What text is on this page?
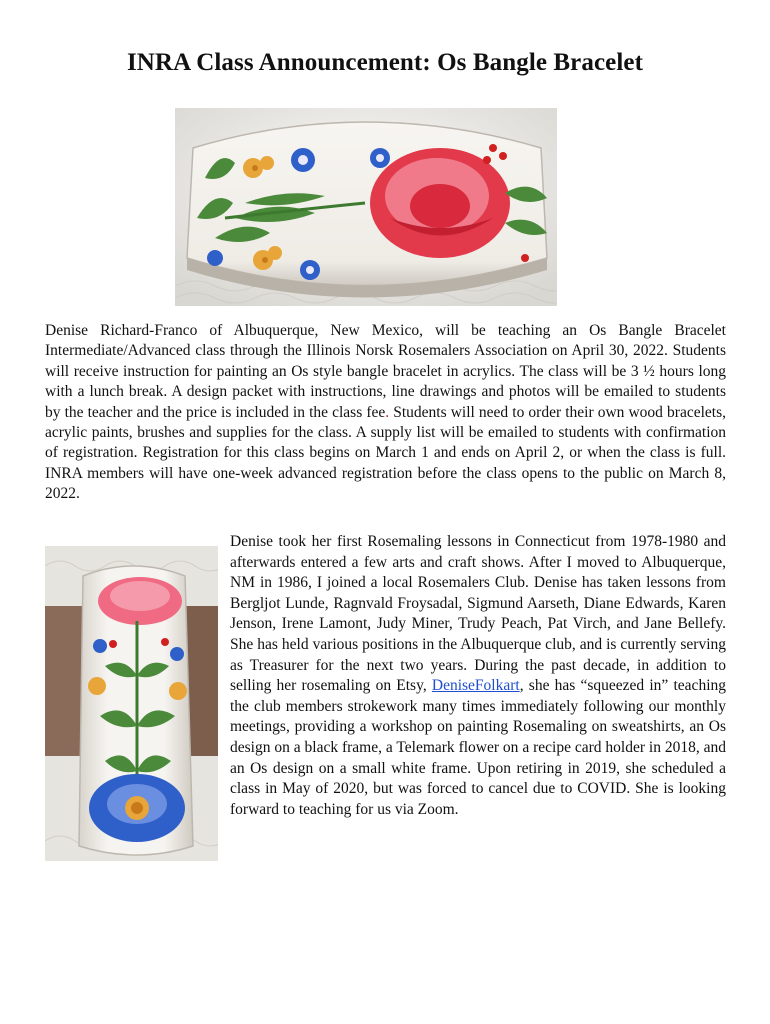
INRA Class Announcement: Os Bangle Bracelet

Denise Richard-Franco of Albuquerque, New Mexico, will be teaching an Os Bangle Bracelet Intermediate/Advanced class through the Illinois Norsk Rosemalers Association on April 30, 2022. Students will receive instruction for painting an Os style bangle bracelet in acrylics. The class will be 3 ½ hours long with a lunch break. A design packet with instructions, line drawings and photos will be emailed to students by the teacher and the price is included in the class fee. Students will need to order their own wood bracelets, acrylic paints, brushes and supplies for the class. A supply list will be emailed to students with confirmation of registration. Registration for this class begins on March 1 and ends on April 2, or when the class is full. INRA members will have one-week advanced registration before the class opens to the public on March 8, 2022.

Denise took her first Rosemaling lessons in Connecticut from 1978-1980 and afterwards entered a few arts and craft shows. After I moved to Albuquerque, NM in 1986, I joined a local Rosemalers Club. Denise has taken lessons from Bergljot Lunde, Ragnvald Froysadal, Sigmund Aarseth, Diane Edwards, Karen Jenson, Irene Lamont, Judy Miner, Trudy Peach, Pat Virch, and Jane Bellefy. She has held various positions in the Albuquerque club, and is currently serving as Treasurer for the next two years. During the past decade, in addition to selling her rosemaling on Etsy, DeniseFolkart, she has “squeezed in” teaching the club members strokework many times immediately following our monthly meetings, providing a workshop on painting Rosemaling on sweatshirts, an Os design on a black frame, a Telemark flower on a recipe card holder in 2018, and an Os design on a small white frame. Upon retiring in 2019, she scheduled a class in May of 2020, but was forced to cancel due to COVID. She is looking forward to teaching for us via Zoom.
